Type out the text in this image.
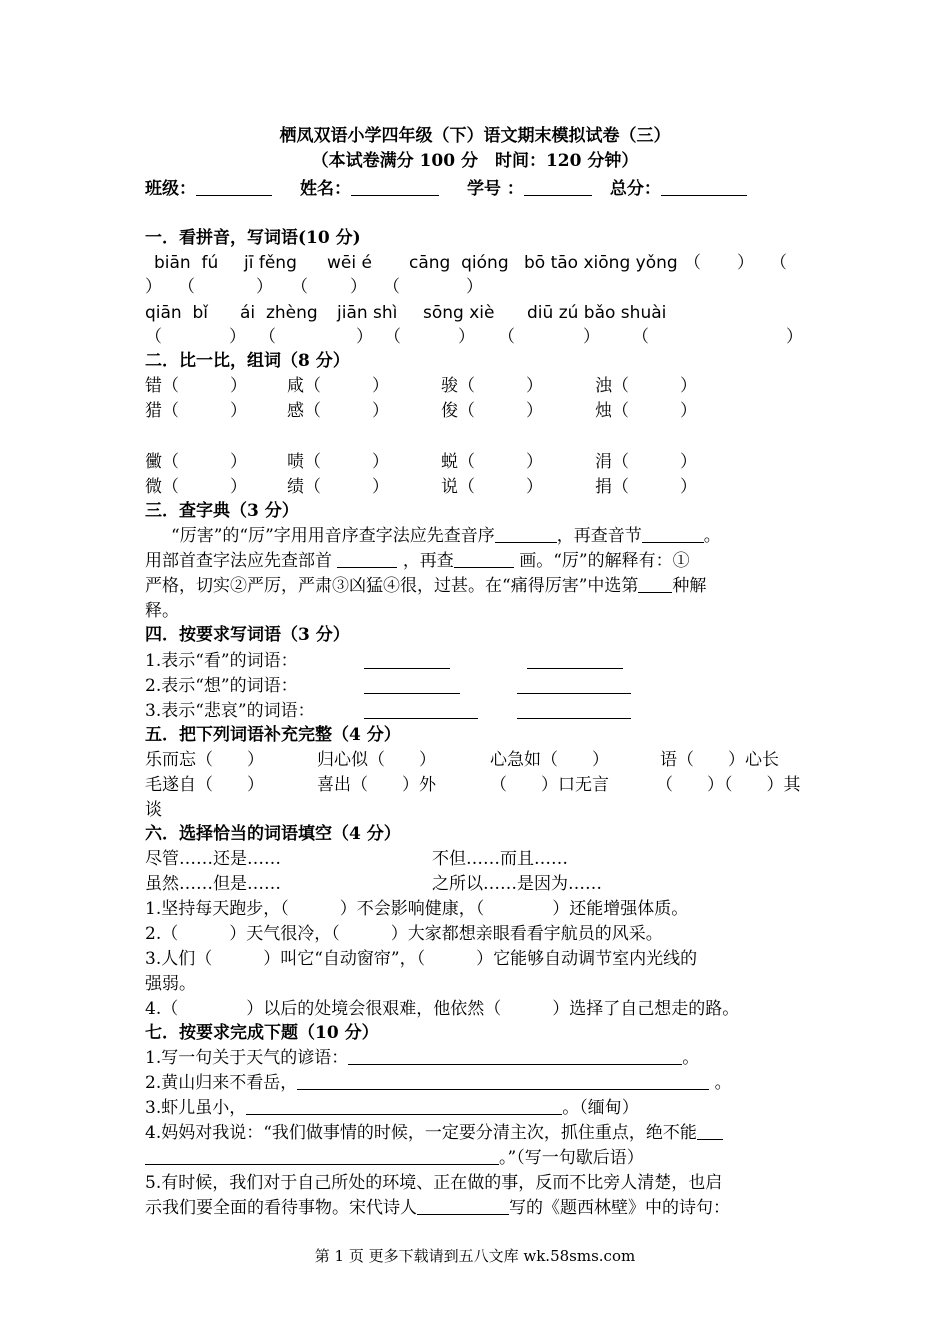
栖凤双语小学四年级（下）语文期末模拟试卷（三）
（本试卷满分 100 分　时间：120 分钟）
班级：	姓名：	学号 ：	总分：
一．看拼音，写词语(10 分)
biān  fú jī fěng wēi é cāng  qióng bō tāo xiōng yǒng （ ） （
） （	） （ ） （	）
qiān  bǐ ái  zhèng jiān shì sōng xiè diū zú bǎo shuài
（	） （	） （	） （	） （	）
二．比一比，组词（8 分）
错（　　　） 咸（　　　）	骏（　　　）	浊（　　　）
猎（　　　） 感（　　　）	俊（　　　）	烛（　　　）
黴（　　　） 啧（　　　）	蜕（　　　）	涓（　　　）
微（　　　） 绩（　　　）	说（　　　）	捐（　　　）
三．查字典（3 分）
“厉害”的“厉”字用用音序查字法应先查音序	，再查音节	。
用部首查字法应先查部首	，再查	画。“厉”的解释有：①
严格，切实②严厉，严肃③凶猛④很，过甚。在“痛得厉害”中选第 种解
释。
四．按要求写词语（3 分）
1.表示“看”的词语：
2.表示“想”的词语：
3.表示“悲哀”的词语：
五．把下列词语补充完整（4 分）
乐而忘（　　）	归心似（　　）	心急如（　　）	语（　　）心长
毛遂自（　　）	喜出（　　）外	（　　）口无言	（　　）（　　）其
谈
六．选择恰当的词语填空（4 分）
尽管……还是……	不但……而且……
虽然……但是……	之所以……是因为……
1.坚持每天跑步，（　　　）不会影响健康，（　　　　）还能增强体质。
2.（　　　）天气很冷，（　　　）大家都想亲眼看看宇航员的风采。
3.人们（　　　）叫它“自动窗帘”，（　　　）它能够自动调节室内光线的
强弱。
4.（　　　　）以后的处境会很艰难，他依然（　　　）选择了自己想走的路。
七．按要求完成下题（10 分）
1.写一句关于天气的谚语：	。
2.黄山归来不看岳，	。
3.虾儿虽小，	。（缅甸）
4.妈妈对我说：“我们做事情的时候，一定要分清主次，抓住重点，绝不能
。”（写一句歇后语）
5.有时候，我们对于自己所处的环境、正在做的事，反而不比旁人清楚，也启
示我们要全面的看待事物。宋代诗人	写的《题西林壁》中的诗句：
第 1 页 更多下载请到五八文库 wk.58sms.com
